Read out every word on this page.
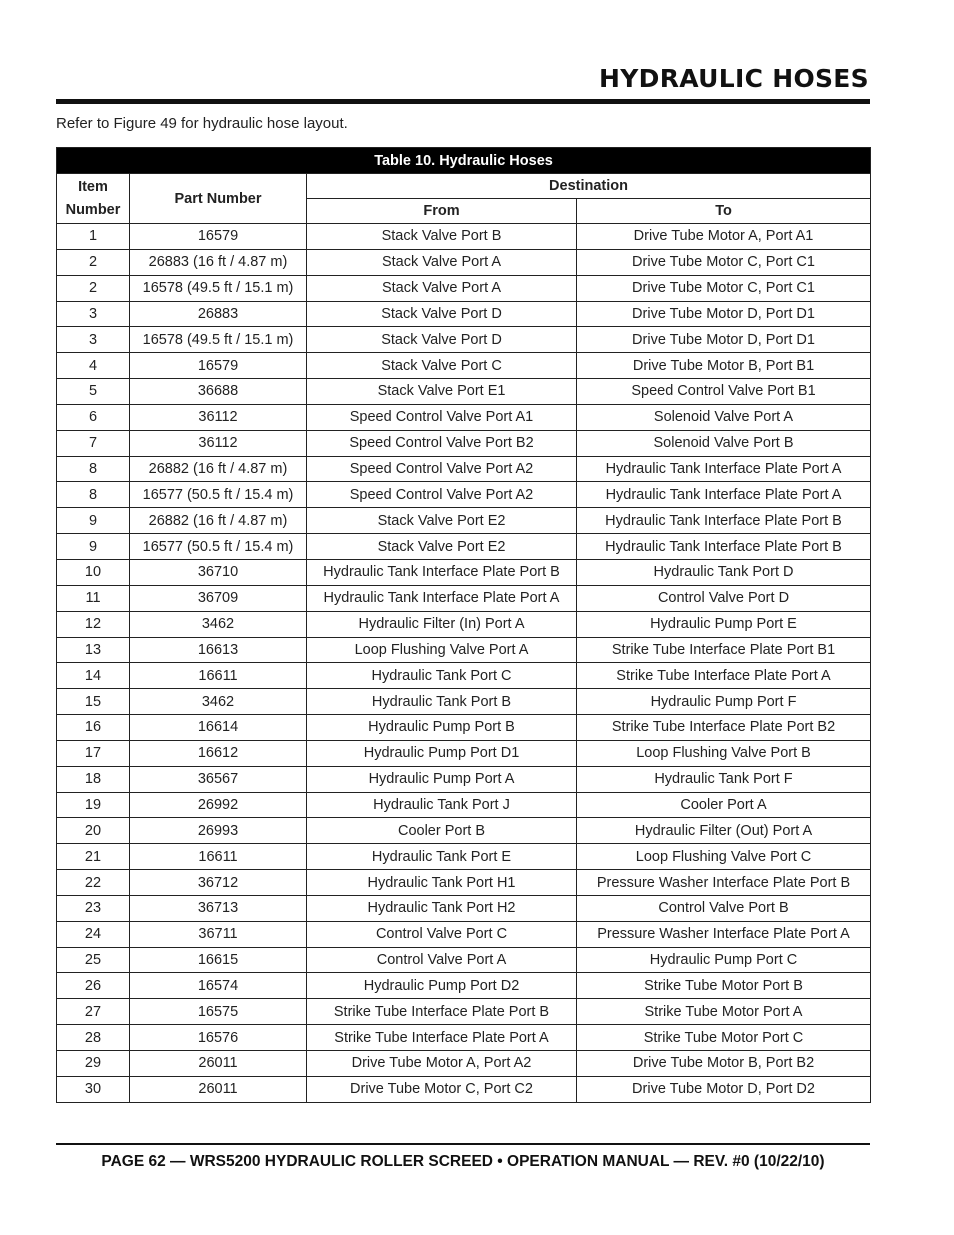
HYDRAULIC HOSES
Refer to Figure 49 for hydraulic hose layout.
Table 10. Hydraulic Hoses			
Item Number	Part Number	Destination	
		From	To
1	16579	Stack Valve Port B	Drive Tube Motor A, Port A1
2	26883 (16 ft / 4.87 m)	Stack Valve Port A	Drive Tube Motor C, Port C1
2	16578 (49.5 ft / 15.1 m)	Stack Valve Port A	Drive Tube Motor C, Port C1
3	26883	Stack Valve Port D	Drive Tube Motor D, Port D1
3	16578 (49.5 ft / 15.1 m)	Stack Valve Port D	Drive Tube Motor D, Port D1
4	16579	Stack Valve Port C	Drive Tube Motor B, Port B1
5	36688	Stack Valve Port E1	Speed Control Valve Port B1
6	36112	Speed Control Valve Port A1	Solenoid Valve Port A
7	36112	Speed Control Valve Port B2	Solenoid Valve Port B
8	26882 (16 ft / 4.87 m)	Speed Control Valve Port A2	Hydraulic Tank Interface Plate Port A
8	16577 (50.5 ft / 15.4 m)	Speed Control Valve Port A2	Hydraulic Tank Interface Plate Port A
9	26882 (16 ft / 4.87 m)	Stack Valve Port E2	Hydraulic Tank Interface Plate Port B
9	16577 (50.5 ft / 15.4 m)	Stack Valve Port E2	Hydraulic Tank Interface Plate Port B
10	36710	Hydraulic Tank Interface Plate Port B	Hydraulic Tank Port D
11	36709	Hydraulic Tank Interface Plate Port A	Control Valve Port D
12	3462	Hydraulic Filter (In) Port A	Hydraulic Pump Port E
13	16613	Loop Flushing Valve Port A	Strike Tube Interface Plate Port B1
14	16611	Hydraulic Tank Port C	Strike Tube Interface Plate Port A
15	3462	Hydraulic Tank Port B	Hydraulic Pump Port F
16	16614	Hydraulic Pump Port B	Strike Tube Interface Plate Port B2
17	16612	Hydraulic Pump Port D1	Loop Flushing Valve Port B
18	36567	Hydraulic Pump Port A	Hydraulic Tank Port F
19	26992	Hydraulic Tank Port J	Cooler Port A
20	26993	Cooler Port B	Hydraulic Filter (Out) Port A
21	16611	Hydraulic Tank Port E	Loop Flushing Valve Port C
22	36712	Hydraulic Tank Port H1	Pressure Washer Interface Plate Port B
23	36713	Hydraulic Tank Port H2	Control Valve Port B
24	36711	Control Valve Port C	Pressure Washer Interface Plate Port A
25	16615	Control Valve Port A	Hydraulic Pump Port C
26	16574	Hydraulic Pump Port D2	Strike Tube Motor Port B
27	16575	Strike Tube Interface Plate Port B	Strike Tube Motor Port A
28	16576	Strike Tube Interface Plate Port A	Strike Tube Motor Port C
29	26011	Drive Tube Motor A, Port A2	Drive Tube Motor B, Port B2
30	26011	Drive Tube Motor C, Port C2	Drive Tube Motor D, Port D2
PAGE 62 — WRS5200 HYDRAULIC ROLLER SCREED • OPERATION MANUAL — REV. #0 (10/22/10)
